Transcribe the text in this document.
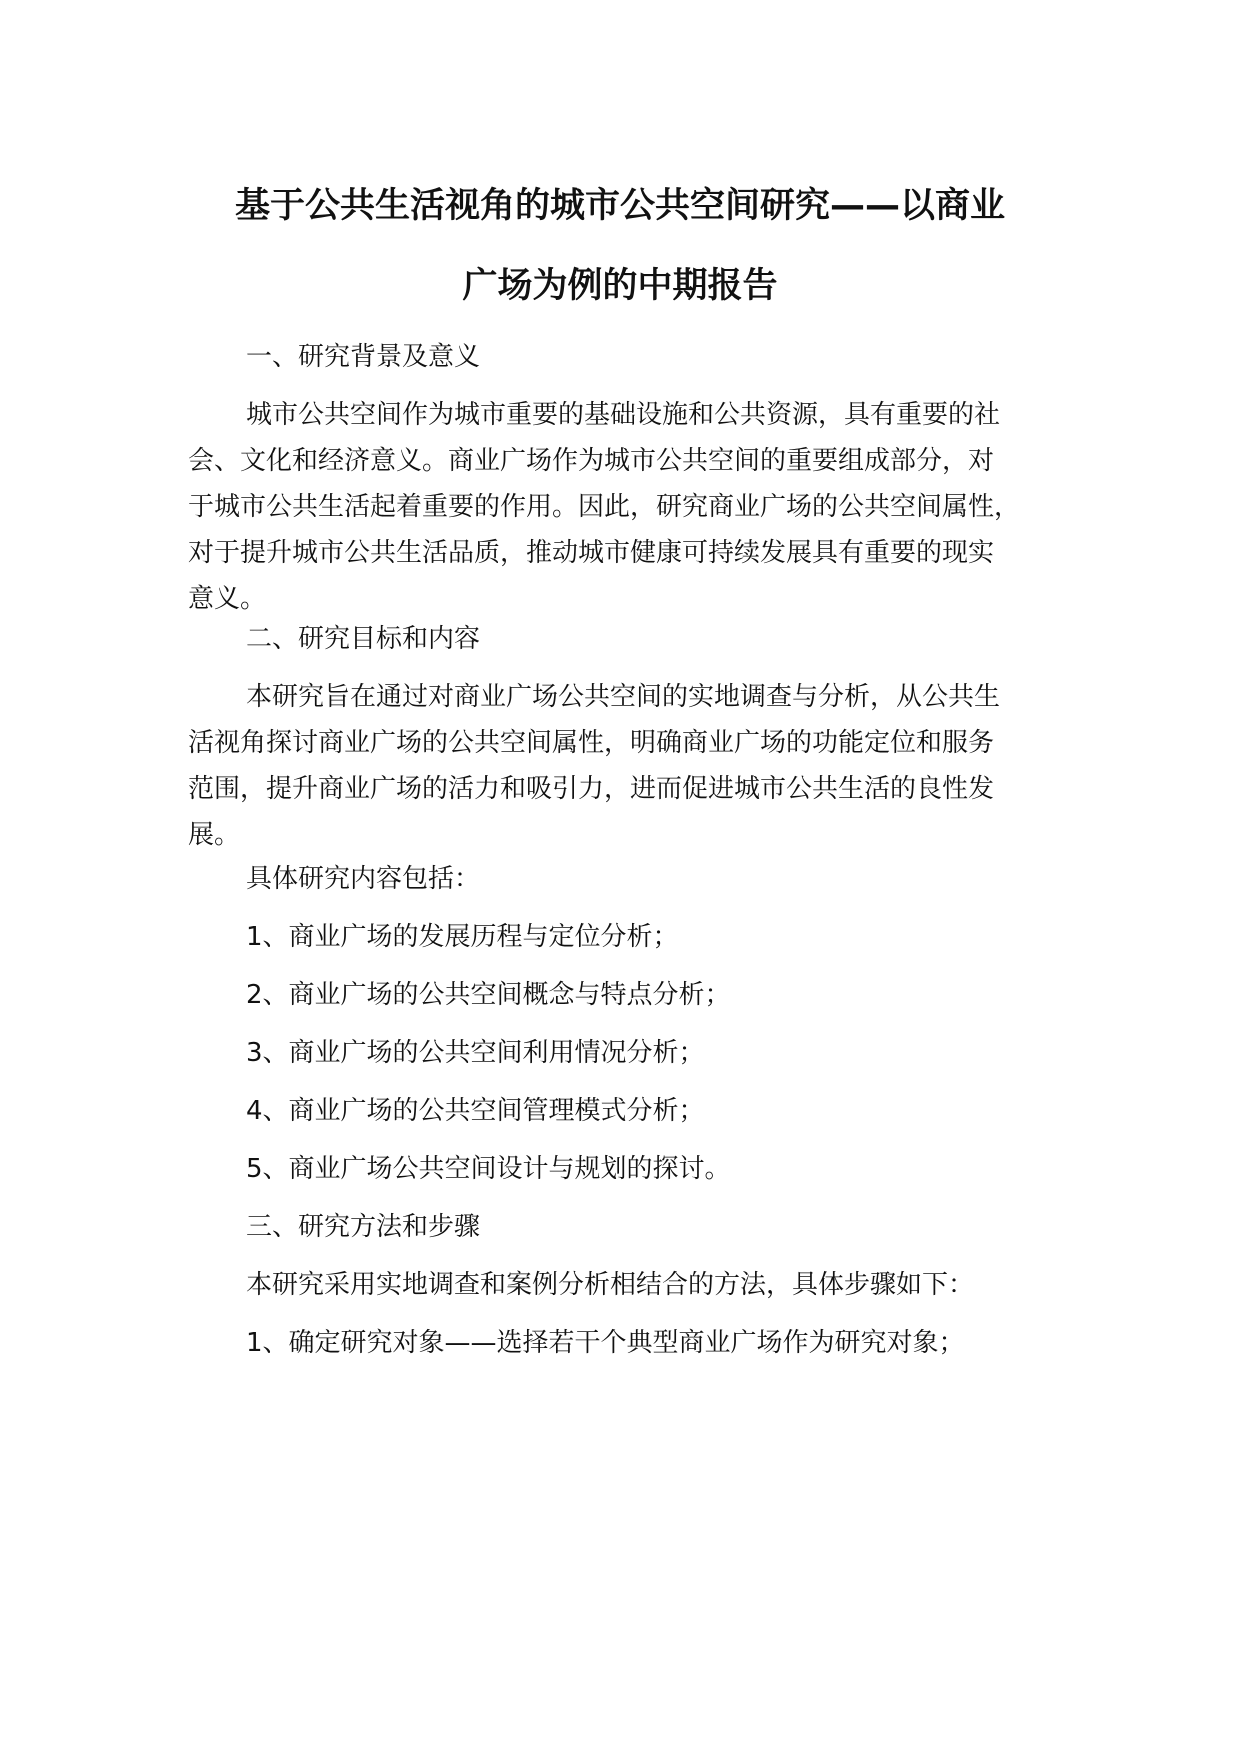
基于公共生活视角的城市公共空间研究——以商业
广场为例的中期报告
一、研究背景及意义
城市公共空间作为城市重要的基础设施和公共资源，具有重要的社
会、文化和经济意义。商业广场作为城市公共空间的重要组成部分，对
于城市公共生活起着重要的作用。因此，研究商业广场的公共空间属性，
对于提升城市公共生活品质，推动城市健康可持续发展具有重要的现实
意义。
二、研究目标和内容
本研究旨在通过对商业广场公共空间的实地调查与分析，从公共生
活视角探讨商业广场的公共空间属性，明确商业广场的功能定位和服务
范围，提升商业广场的活力和吸引力，进而促进城市公共生活的良性发
展。
具体研究内容包括：
1、商业广场的发展历程与定位分析；
2、商业广场的公共空间概念与特点分析；
3、商业广场的公共空间利用情况分析；
4、商业广场的公共空间管理模式分析；
5、商业广场公共空间设计与规划的探讨。
三、研究方法和步骤
本研究采用实地调查和案例分析相结合的方法，具体步骤如下：
1、确定研究对象——选择若干个典型商业广场作为研究对象；
